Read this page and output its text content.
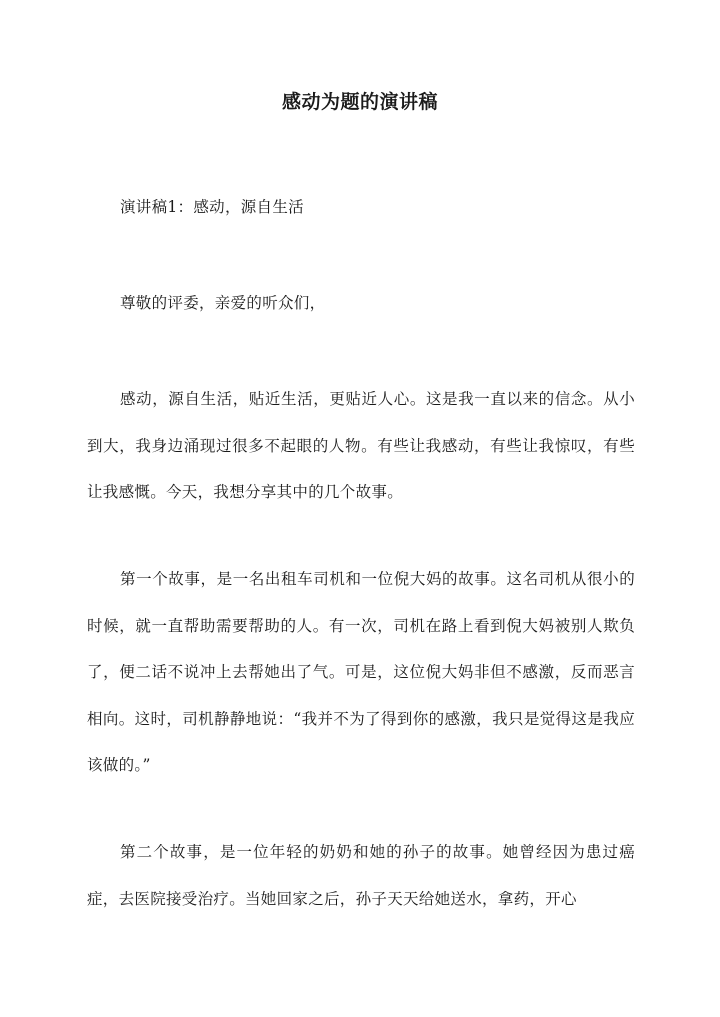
感动为题的演讲稿

演讲稿1：感动，源自生活

尊敬的评委，亲爱的听众们，

感动，源自生活，贴近生活，更贴近人心。这是我一直以来的信念。从小到大，我身边涌现过很多不起眼的人物。有些让我感动，有些让我惊叹，有些让我感慨。今天，我想分享其中的几个故事。

第一个故事，是一名出租车司机和一位倪大妈的故事。这名司机从很小的时候，就一直帮助需要帮助的人。有一次，司机在路上看到倪大妈被别人欺负了，便二话不说冲上去帮她出了气。可是，这位倪大妈非但不感激，反而恶言相向。这时，司机静静地说：“我并不为了得到你的感激，我只是觉得这是我应该做的。”

第二个故事，是一位年轻的奶奶和她的孙子的故事。她曾经因为患过癌症，去医院接受治疗。当她回家之后，孙子天天给她送水，拿药，开心
